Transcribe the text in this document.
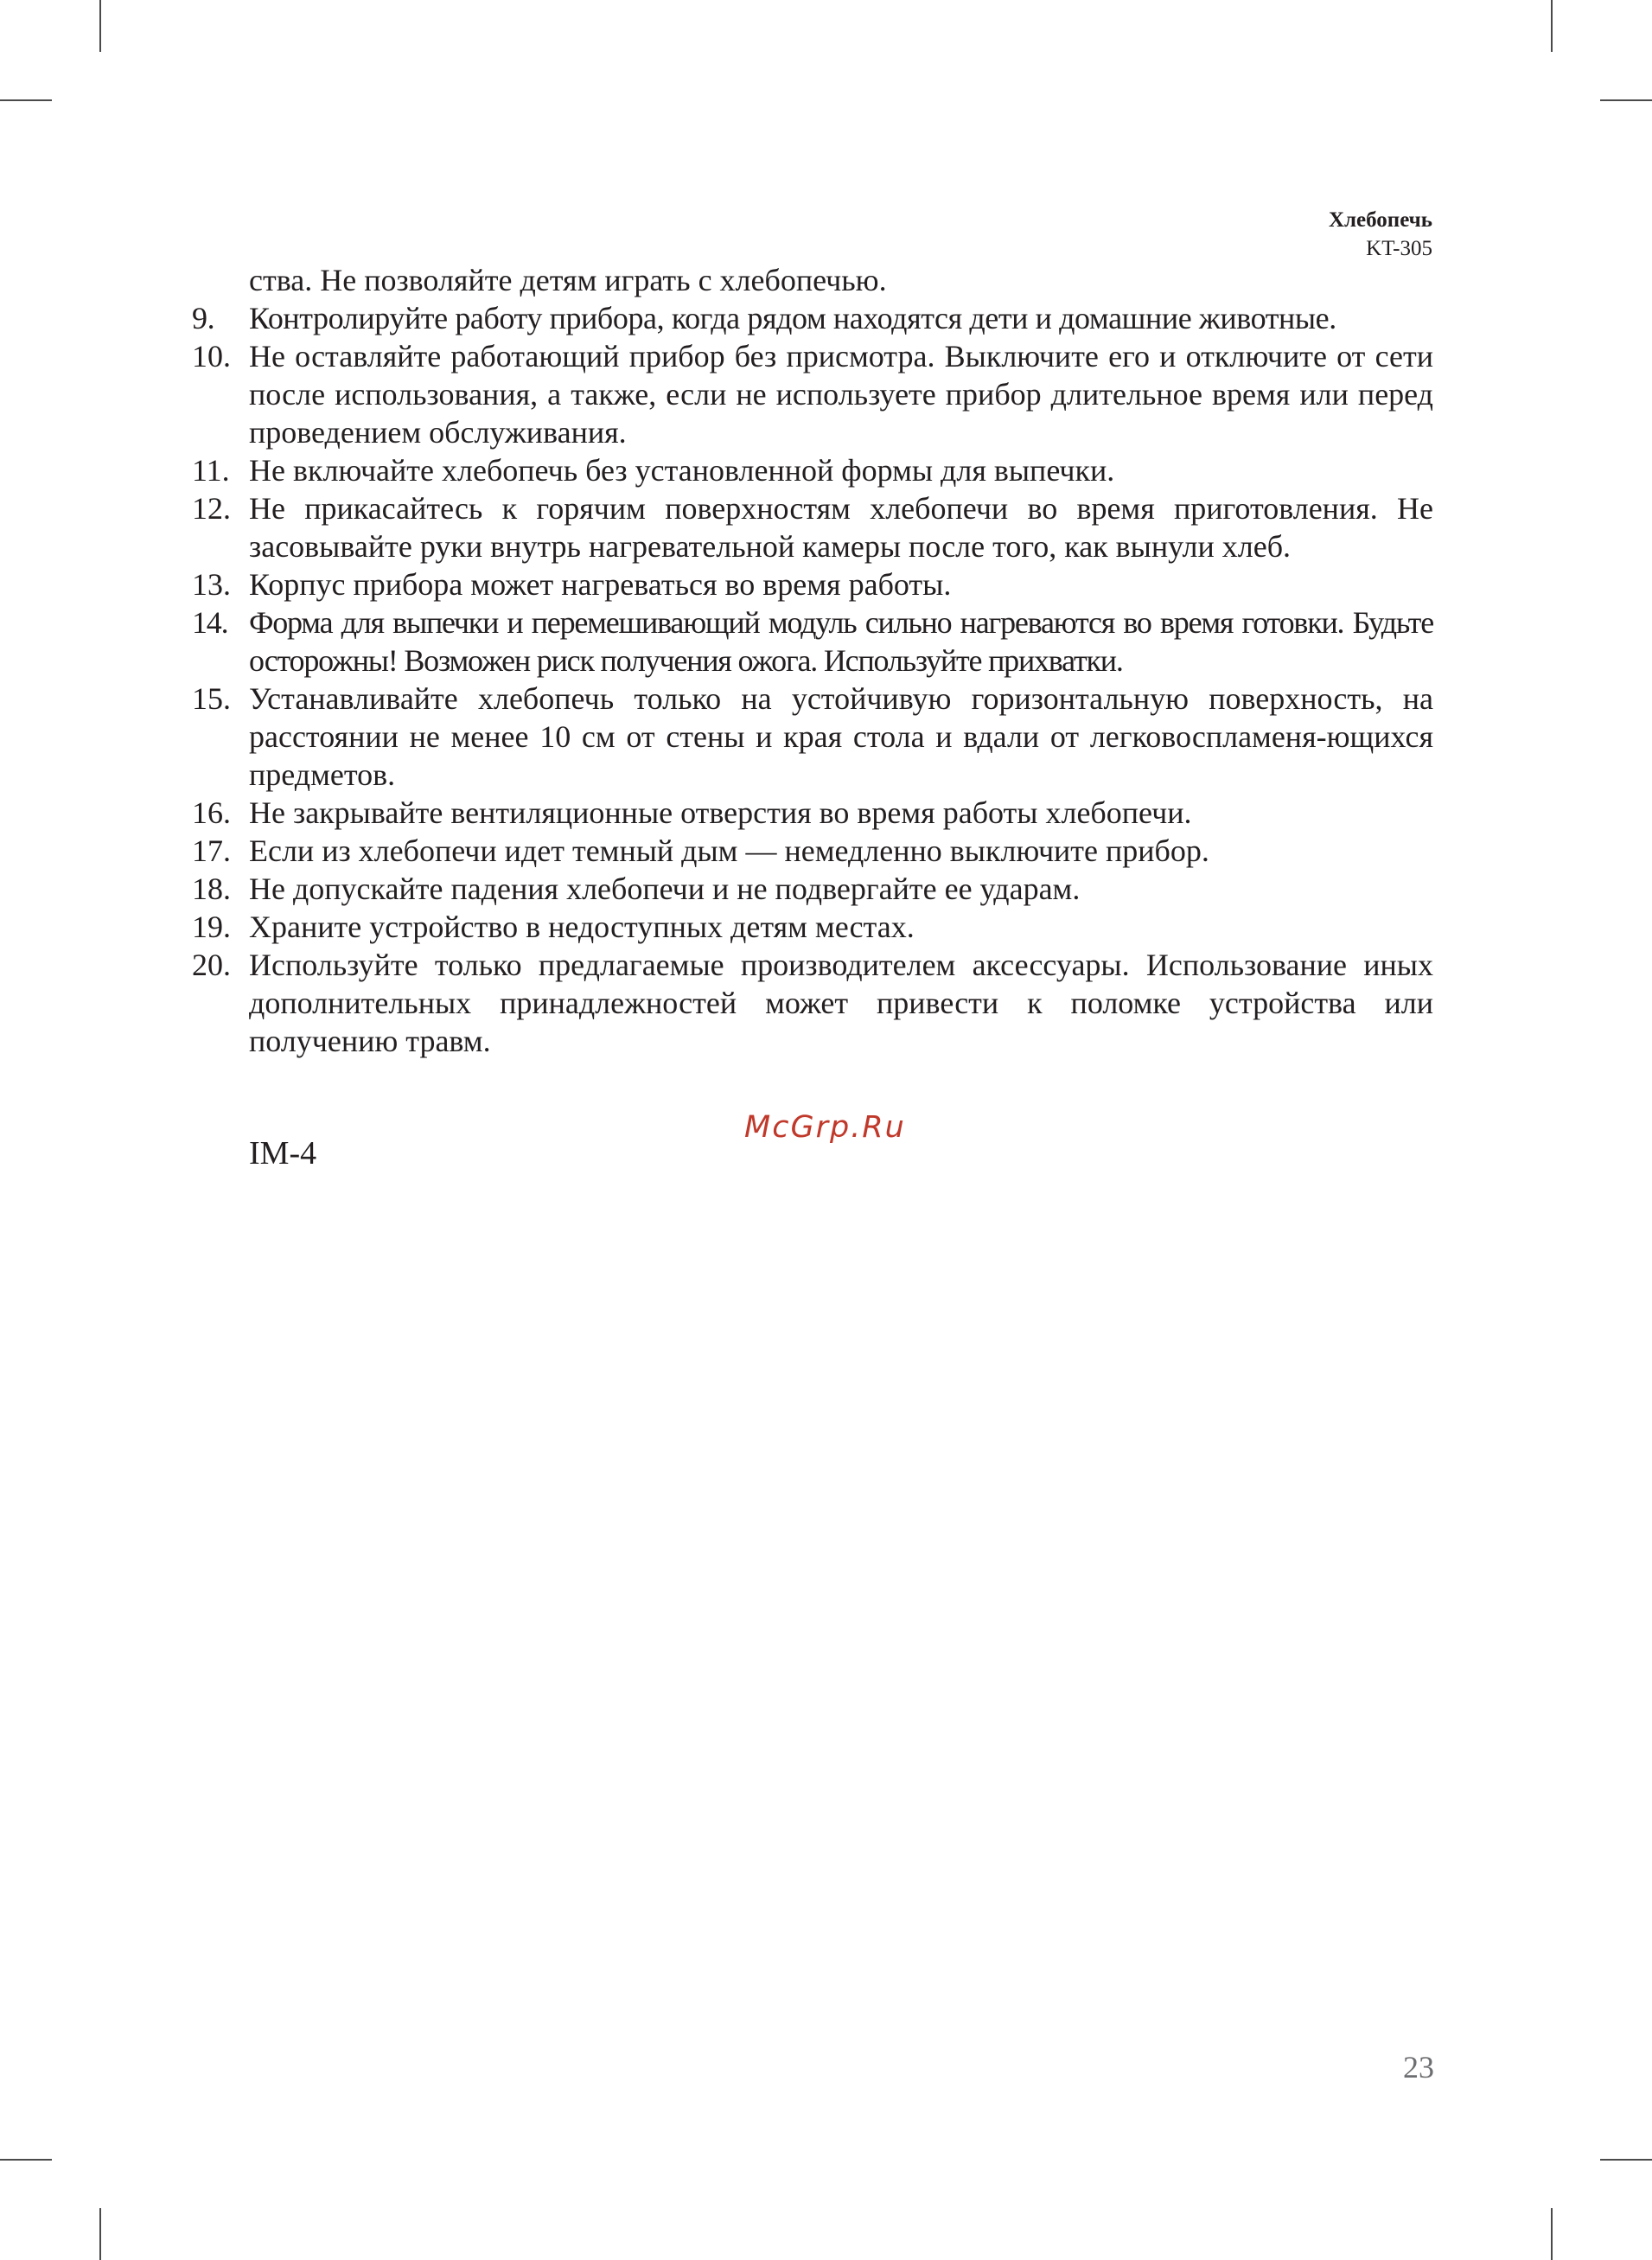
Хлебопечь
KT-305
ства. Не позволяйте детям играть с хлебопечью.
9. Контролируйте работу прибора, когда рядом находятся дети и домашние животные.
10. Не оставляйте работающий прибор без присмотра. Выключите его и отключите от сети после использования, а также, если не используете прибор длительное время или перед проведением обслуживания.
11. Не включайте хлебопечь без установленной формы для выпечки.
12. Не прикасайтесь к горячим поверхностям хлебопечи во время приготовления. Не засовывайте руки внутрь нагревательной камеры после того, как вынули хлеб.
13. Корпус прибора может нагреваться во время работы.
14. Форма для выпечки и перемешивающий модуль сильно нагреваются во время готовки. Будьте осторожны! Возможен риск получения ожога. Используйте прихватки.
15. Устанавливайте хлебопечь только на устойчивую горизонтальную поверхность, на расстоянии не менее 10 см от стены и края стола и вдали от легковоспламеня-ющихся предметов.
16. Не закрывайте вентиляционные отверстия во время работы хлебопечи.
17. Если из хлебопечи идет темный дым — немедленно выключите прибор.
18. Не допускайте падения хлебопечи и не подвергайте ее ударам.
19. Храните устройство в недоступных детям местах.
20. Используйте только предлагаемые производителем аксессуары. Использование иных дополнительных принадлежностей может привести к поломке устройства или получению травм.
IM-4
McGrp.Ru
23
